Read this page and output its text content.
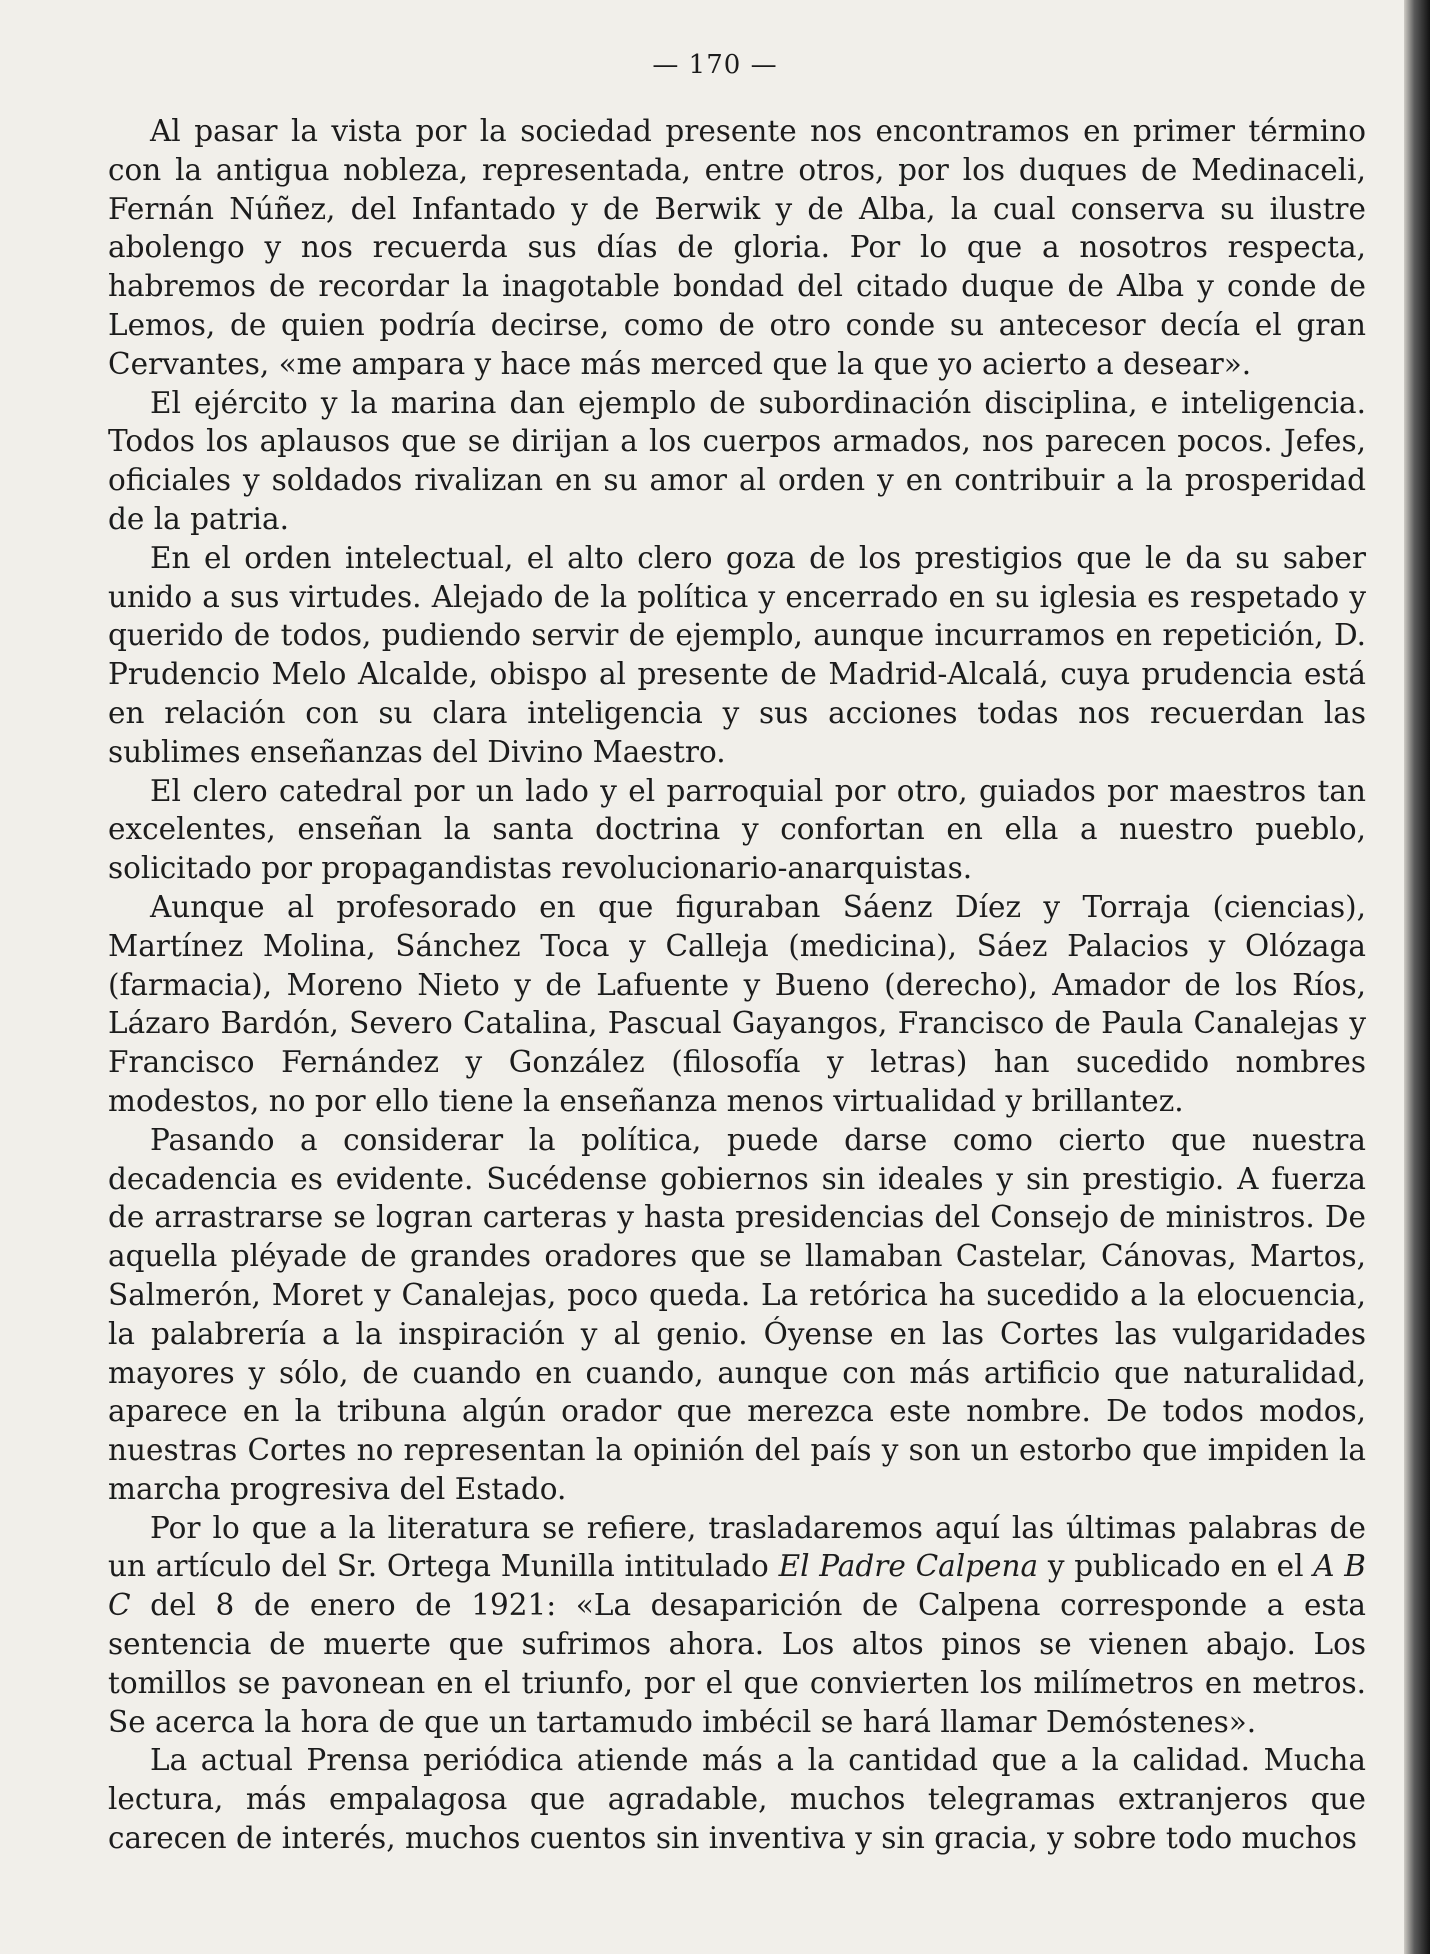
— 170 —

Al pasar la vista por la sociedad presente nos encontramos en primer término con la antigua nobleza, representada, entre otros, por los duques de Medinaceli, Fernán Núñez, del Infantado y de Berwik y de Alba, la cual conserva su ilustre abolengo y nos recuerda sus días de gloria. Por lo que a nosotros respecta, habremos de recordar la inagotable bondad del citado duque de Alba y conde de Lemos, de quien podría decirse, como de otro conde su antecesor decía el gran Cervantes, «me ampara y hace más merced que la que yo acierto a desear».

El ejército y la marina dan ejemplo de subordinación disciplina, e inteligencia. Todos los aplausos que se dirijan a los cuerpos armados, nos parecen pocos. Jefes, oficiales y soldados rivalizan en su amor al orden y en contribuir a la prosperidad de la patria.

En el orden intelectual, el alto clero goza de los prestigios que le da su saber unido a sus virtudes. Alejado de la política y encerrado en su iglesia es respetado y querido de todos, pudiendo servir de ejemplo, aunque incurramos en repetición, D. Prudencio Melo Alcalde, obispo al presente de Madrid-Alcalá, cuya prudencia está en relación con su clara inteligencia y sus acciones todas nos recuerdan las sublimes enseñanzas del Divino Maestro.

El clero catedral por un lado y el parroquial por otro, guiados por maestros tan excelentes, enseñan la santa doctrina y confortan en ella a nuestro pueblo, solicitado por propagandistas revolucionario-anarquistas.

Aunque al profesorado en que figuraban Sáenz Díez y Torraja (ciencias), Martínez Molina, Sánchez Toca y Calleja (medicina), Sáez Palacios y Olózaga (farmacia), Moreno Nieto y de Lafuente y Bueno (derecho), Amador de los Ríos, Lázaro Bardón, Severo Catalina, Pascual Gayangos, Francisco de Paula Canalejas y Francisco Fernández y González (filosofía y letras) han sucedido nombres modestos, no por ello tiene la enseñanza menos virtualidad y brillantez.

Pasando a considerar la política, puede darse como cierto que nuestra decadencia es evidente. Sucédense gobiernos sin ideales y sin prestigio. A fuerza de arrastrarse se logran carteras y hasta presidencias del Consejo de ministros. De aquella pléyade de grandes oradores que se llamaban Castelar, Cánovas, Martos, Salmerón, Moret y Canalejas, poco queda. La retórica ha sucedido a la elocuencia, la palabrería a la inspiración y al genio. Óyense en las Cortes las vulgaridades mayores y sólo, de cuando en cuando, aunque con más artificio que naturalidad, aparece en la tribuna algún orador que merezca este nombre. De todos modos, nuestras Cortes no representan la opinión del país y son un estorbo que impiden la marcha progresiva del Estado.

Por lo que a la literatura se refiere, trasladaremos aquí las últimas palabras de un artículo del Sr. Ortega Munilla intitulado El Padre Calpena y publicado en el A B C del 8 de enero de 1921: «La desaparición de Calpena corresponde a esta sentencia de muerte que sufrimos ahora. Los altos pinos se vienen abajo. Los tomillos se pavonean en el triunfo, por el que convierten los milímetros en metros. Se acerca la hora de que un tartamudo imbécil se hará llamar Demóstenes».

La actual Prensa periódica atiende más a la cantidad que a la calidad. Mucha lectura, más empalagosa que agradable, muchos telegramas extranjeros que carecen de interés, muchos cuentos sin inventiva y sin gracia, y sobre todo muchos
